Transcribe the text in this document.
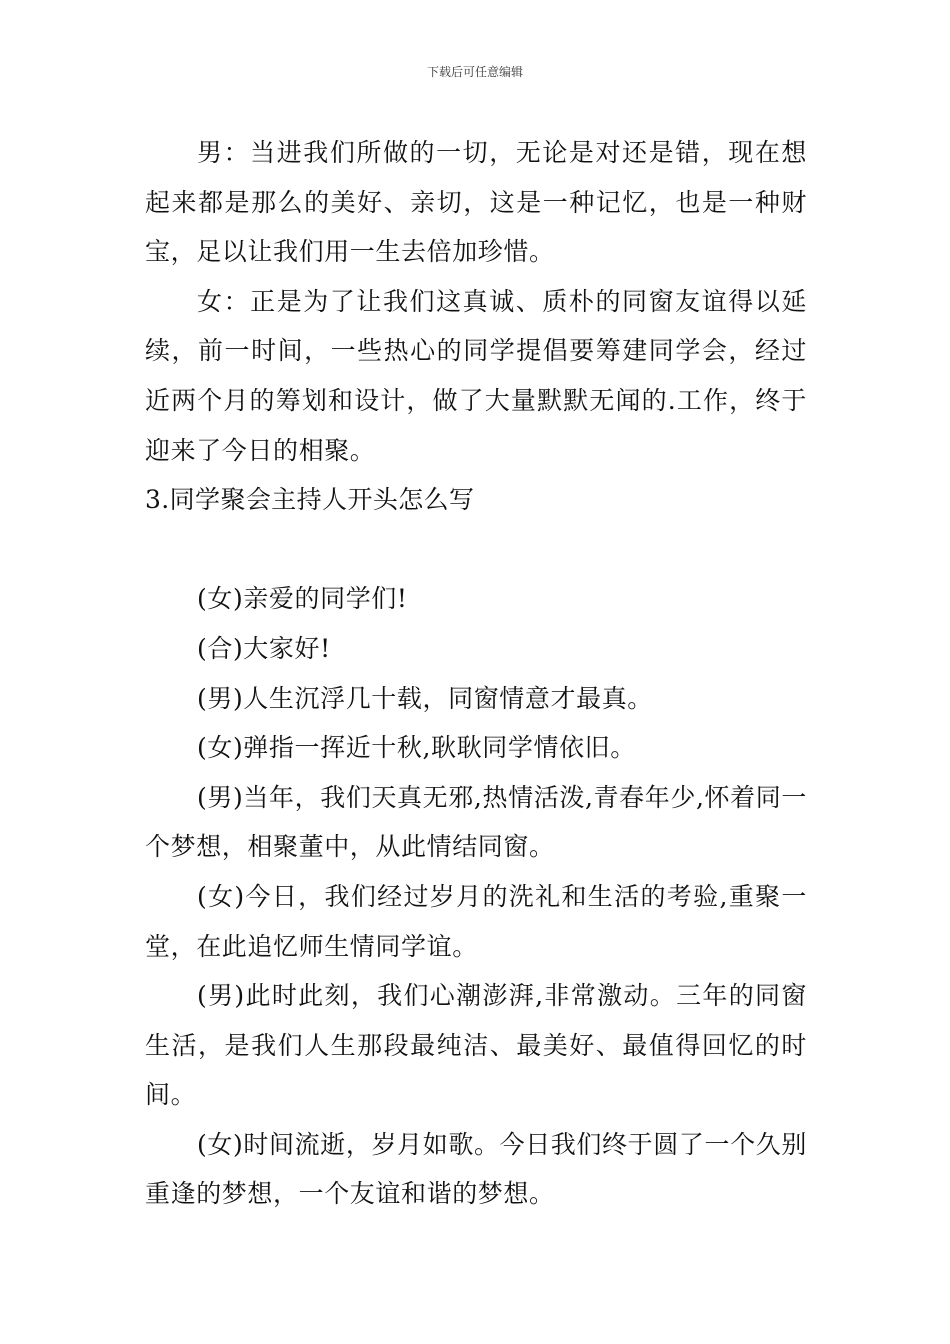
下载后可任意编辑

男：当进我们所做的一切，无论是对还是错，现在想起来都是那么的美好、亲切，这是一种记忆，也是一种财宝，足以让我们用一生去倍加珍惜。

女：正是为了让我们这真诚、质朴的同窗友谊得以延续，前一时间，一些热心的同学提倡要筹建同学会，经过近两个月的筹划和设计，做了大量默默无闻的.工作，终于迎来了今日的相聚。

3.同学聚会主持人开头怎么写

(女)亲爱的同学们!

(合)大家好!

(男)人生沉浮几十载，同窗情意才最真。

(女)弹指一挥近十秋,耿耿同学情依旧。

(男)当年，我们天真无邪,热情活泼,青春年少,怀着同一个梦想，相聚董中，从此情结同窗。

(女)今日，我们经过岁月的洗礼和生活的考验,重聚一堂，在此追忆师生情同学谊。

(男)此时此刻，我们心潮澎湃,非常激动。三年的同窗生活，是我们人生那段最纯洁、最美好、最值得回忆的时间。

(女)时间流逝，岁月如歌。今日我们终于圆了一个久别重逢的梦想，一个友谊和谐的梦想。
